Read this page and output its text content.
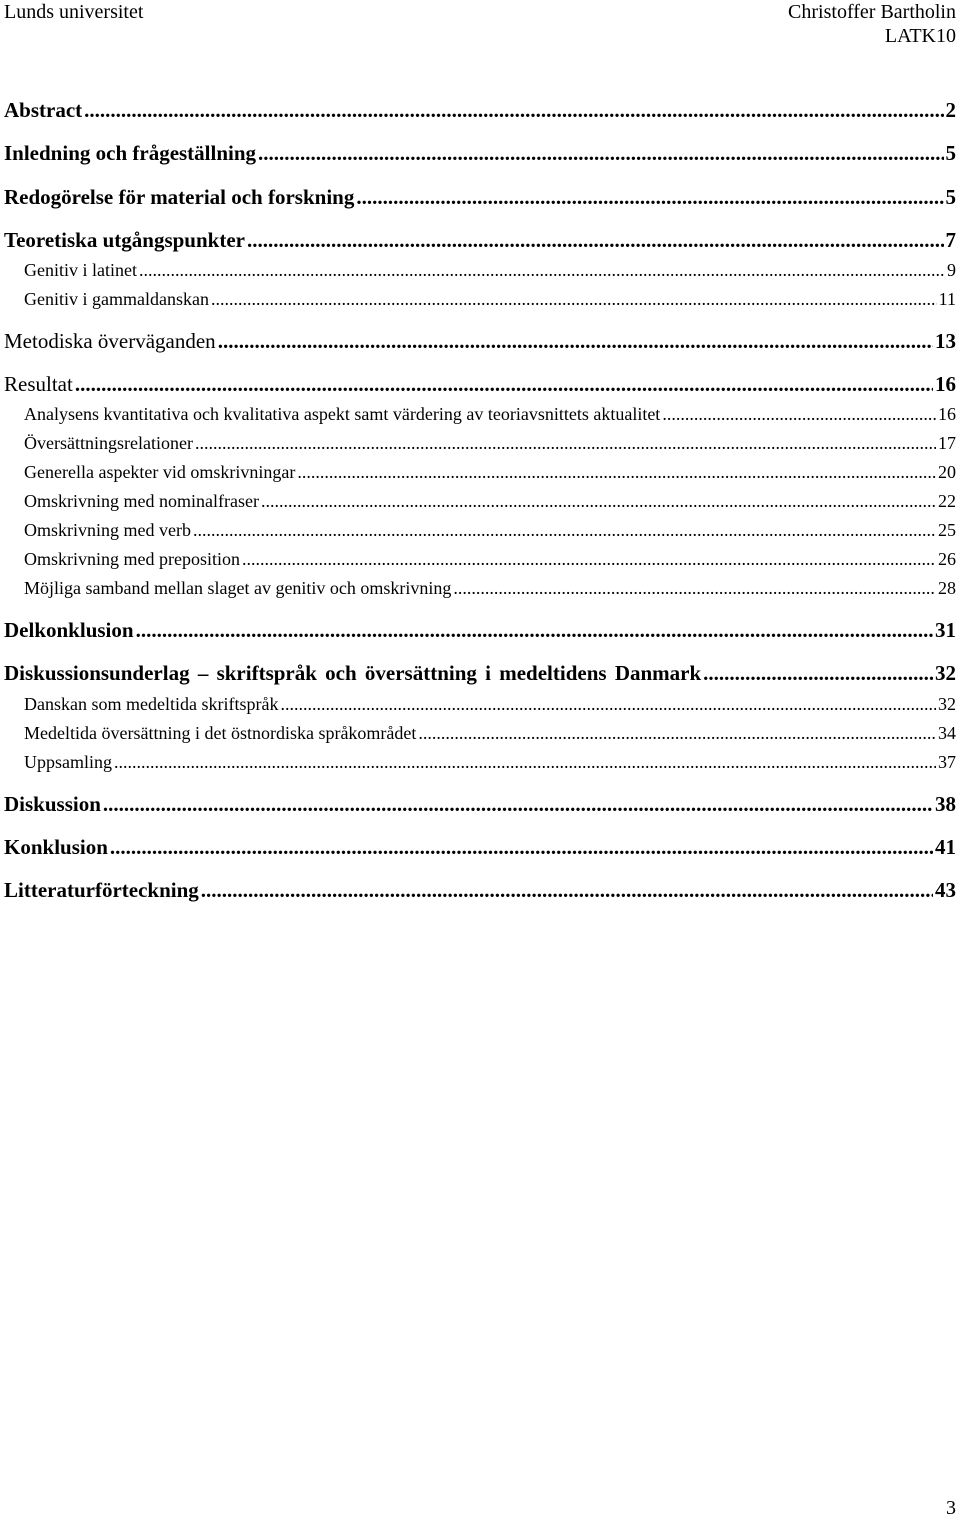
Lunds universitet	Christoffer Bartholin
LATK10
Abstract .....	2
Inledning och frågeställning .....	5
Redogörelse för material och forskning .....	5
Teoretiska utgångspunkter .....	7
Genitiv i latinet .....	9
Genitiv i gammaldanskan .....	11
Metodiska överväganden .....	13
Resultat .....	16
Analysens kvantitativa och kvalitativa aspekt samt värdering av teoriavsnittets aktualitet .....	16
Översättningsrelationer .....	17
Generella aspekter vid omskrivningar .....	20
Omskrivning med nominalfraser .....	22
Omskrivning med verb .....	25
Omskrivning med preposition .....	26
Möjliga samband mellan slaget av genitiv och omskrivning .....	28
Delkonklusion .....	31
Diskussionsunderlag – skriftspråk och översättning i medeltidens Danmark .....	32
Danskan som medeltida skriftspråk .....	32
Medeltida översättning i det östnordiska språkområdet .....	34
Uppsamling .....	37
Diskussion .....	38
Konklusion .....	41
Litteraturförteckning .....	43
3
